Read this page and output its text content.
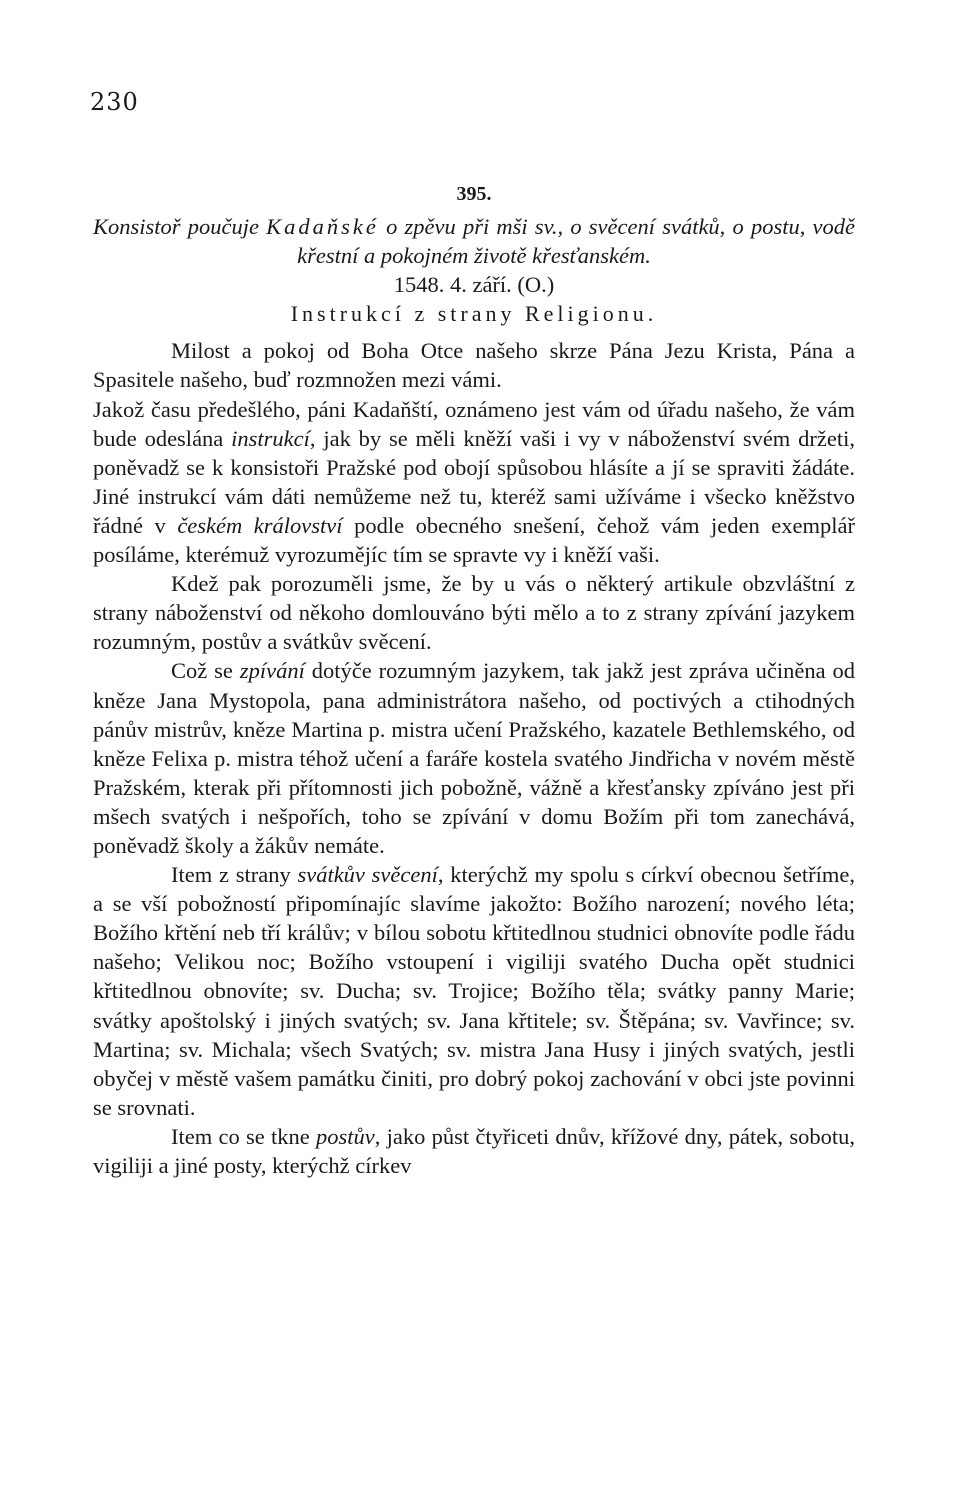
230
395.
Konsistoř poučuje Kadaňské o zpěvu při mši sv., o svěcení svátků, o postu, vodě křestní a pokojném životě křesťanském.
1548. 4. září. (O.)
Instrukcí z strany Religionu.

Milost a pokoj od Boha Otce našeho skrze Pána Jezu Krista, Pána a Spasitele našeho, buď rozmnožen mezi vámi.

Jakož času předešlého, páni Kadaňští, oznámeno jest vám od úřadu našeho, že vám bude odeslána instrukcí, jak by se měli kněží vaši i vy v náboženství svém držeti, poněvadž se k konsistoři Pražské pod obojí spůsobou hlásíte a jí se spraviti žádáte. Jiné instrukcí vám dáti nemůžeme než tu, kteréž sami užíváme i všecko kněžstvo řádné v českém království podle obecného snešení, čehož vám jeden exemplář posíláme, kterémuž vyrozumějíc tím se spravte vy i kněží vaši.

Kdež pak porozuměli jsme, že by u vás o některý artikule obzvláštní z strany náboženství od někoho domlouváno býti mělo a to z strany zpívání jazykem rozumným, postův a svátkův svěcení.

Což se zpívání dotýče rozumným jazykem, tak jakž jest zpráva učiněna od kněze Jana Mystopola, pana administrátora našeho, od poctivých a ctihodných pánův mistrův, kněze Martina p. mistra učení Pražského, kazatele Bethlemského, od kněze Felixa p. mistra téhož učení a faráře kostela svatého Jindřicha v novém městě Pražském, kterak při přítomnosti jich pobožně, vážně a křesťansky zpíváno jest při mšech svatých i nešpořích, toho se zpívání v domu Božím při tom zanechává, poněvadž školy a žákův nemáte.

Item z strany svátkův svěcení, kterýchž my spolu s církví obecnou šetříme, a se vší pobožností připomínajíc slavíme jakožto: Božího narození; nového léta; Božího křtění neb tří králův; v bílou sobotu křtitedlnou studnici obnovíte podle řádu našeho; Velikou noc; Božího vstoupení i vigiliji svatého Ducha opět studnici křtitedlnou obnovíte; sv. Ducha; sv. Trojice; Božího těla; svátky panny Marie; svátky apoštolský i jiných svatých; sv. Jana křtitele; sv. Štěpána; sv. Vavřince; sv. Martina; sv. Michala; všech Svatých; sv. mistra Jana Husy i jiných svatých, jestli obyčej v městě vašem památku činiti, pro dobrý pokoj zachování v obci jste povinni se srovnati.

Item co se tkne postův, jako půst čtyřiceti dnův, křížové dny, pátek, sobotu, vigiliji a jiné posty, kterýchž církev
